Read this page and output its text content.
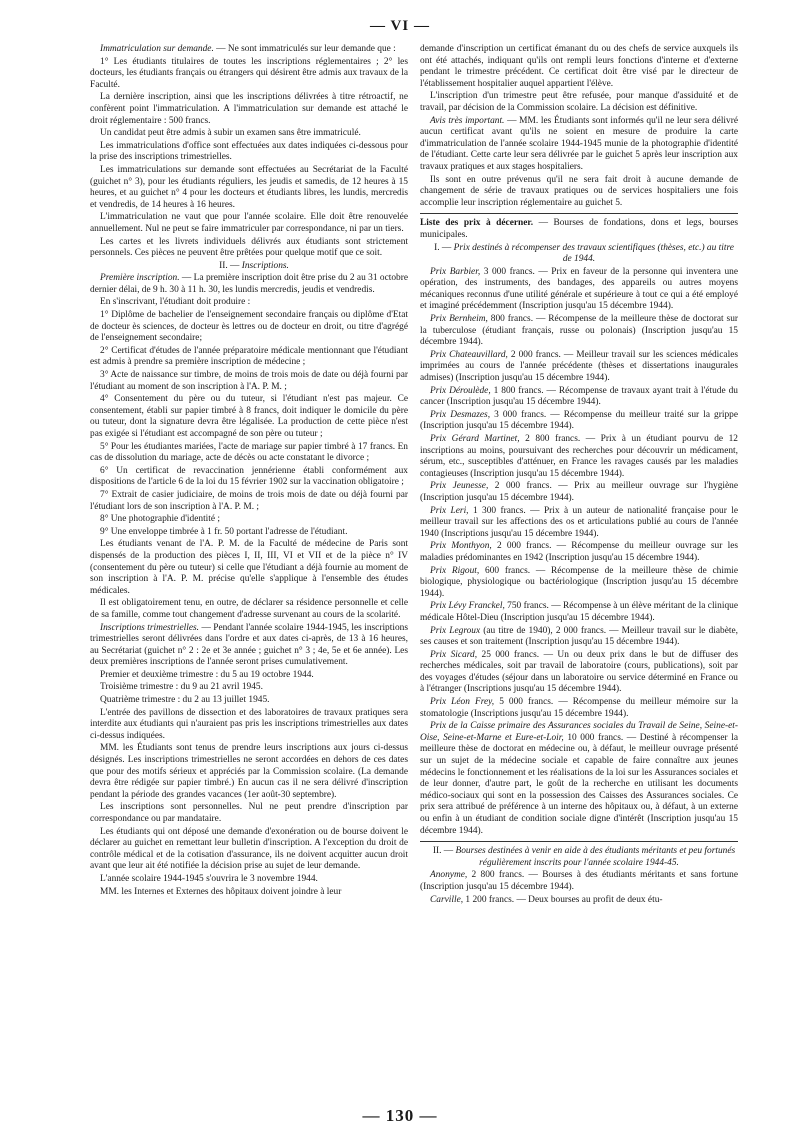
— VI —

Immatriculation sur demande. — Ne sont immatriculés sur leur demande que :

1° Les étudiants titulaires de toutes les inscriptions réglementaires ; 2° les docteurs, les étudiants français ou étrangers qui désirent être admis aux travaux de la Faculté.

La dernière inscription, ainsi que les inscriptions délivrées à titre rétroactif, ne confèrent point l'immatriculation. A l'immatriculation sur demande est attaché le droit réglementaire : 500 francs.

Un candidat peut être admis à subir un examen sans être immatriculé.

Les immatriculations d'office sont effectuées aux dates indiquées ci-dessous pour la prise des inscriptions trimestrielles.

Les immatriculations sur demande sont effectuées au Secrétariat de la Faculté (guichet n° 3), pour les étudiants réguliers, les jeudis et samedis, de 12 heures à 15 heures, et au guichet n° 4 pour les docteurs et étudiants libres, les lundis, mercredis et vendredis, de 14 heures à 16 heures.

L'immatriculation ne vaut que pour l'année scolaire. Elle doit être renouvelée annuellement. Nul ne peut se faire immatriculer par correspondance, ni par un tiers.

Les cartes et les livrets individuels délivrés aux étudiants sont strictement personnels. Ces pièces ne peuvent être prêtées pour quelque motif que ce soit.

II. — Inscriptions.

Première inscription. — La première inscription doit être prise du 2 au 31 octobre dernier délai, de 9 h. 30 à 11 h. 30, les lundis mercredis, jeudis et vendredis.

En s'inscrivant, l'étudiant doit produire :

1° Diplôme de bachelier de l'enseignement secondaire français ou diplôme d'Etat de docteur ès sciences, de docteur ès lettres ou de docteur en droit, ou titre d'agrégé de l'enseignement secondaire;

2° Certificat d'études de l'année préparatoire médicale mentionnant que l'étudiant est admis à prendre sa première inscription de médecine ;

3° Acte de naissance sur timbre, de moins de trois mois de date ou déjà fourni par l'étudiant au moment de son inscription à l'A. P. M. ;

4° Consentement du père ou du tuteur, si l'étudiant n'est pas majeur. Ce consentement, établi sur papier timbré à 8 francs, doit indiquer le domicile du père ou tuteur, dont la signature devra être légalisée. La production de cette pièce n'est pas exigée si l'étudiant est accompagné de son père ou tuteur ;

5° Pour les étudiantes mariées, l'acte de mariage sur papier timbré à 17 francs. En cas de dissolution du mariage, acte de décès ou acte constatant le divorce ;

6° Un certificat de revaccination jennérienne établi conformément aux dispositions de l'article 6 de la loi du 15 février 1902 sur la vaccination obligatoire ;

7° Extrait de casier judiciaire, de moins de trois mois de date ou déjà fourni par l'étudiant lors de son inscription à l'A. P. M. ;

8° Une photographie d'identité ;

9° Une enveloppe timbrée à 1 fr. 50 portant l'adresse de l'étudiant.

Les étudiants venant de l'A. P. M. de la Faculté de médecine de Paris sont dispensés de la production des pièces I, II, III, VI et VII et de la pièce n° IV (consentement du père ou tuteur) si celle que l'étudiant a déjà fournie au moment de son inscription à l'A. P. M. précise qu'elle s'applique à l'ensemble des études médicales.

Il est obligatoirement tenu, en outre, de déclarer sa résidence personnelle et celle de sa famille, comme tout changement d'adresse survenant au cours de la scolarité.

Inscriptions trimestrielles. — Pendant l'année scolaire 1944-1945, les inscriptions trimestrielles seront délivrées dans l'ordre et aux dates ci-après, de 13 à 16 heures, au Secrétariat (guichet n° 2 : 2e et 3e année ; guichet n° 3 ; 4e, 5e et 6e année). Les deux premières inscriptions de l'année seront prises cumulativement.

Premier et deuxième trimestre : du 5 au 19 octobre 1944.

Troisième trimestre : du 9 au 21 avril 1945.

Quatrième trimestre : du 2 au 13 juillet 1945.

L'entrée des pavillons de dissection et des laboratoires de travaux pratiques sera interdite aux étudiants qui n'auraient pas pris les inscriptions trimestrielles aux dates ci-dessus indiquées.

MM. les Étudiants sont tenus de prendre leurs inscriptions aux jours ci-dessus désignés. Les inscriptions trimestrielles ne seront accordées en dehors de ces dates que pour des motifs sérieux et appréciés par la Commission scolaire. (La demande devra être rédigée sur papier timbré.) En aucun cas il ne sera délivré d'inscription pendant la période des grandes vacances (1er août-30 septembre).

Les inscriptions sont personnelles. Nul ne peut prendre d'inscription par correspondance ou par mandataire.

Les étudiants qui ont déposé une demande d'exonération ou de bourse doivent le déclarer au guichet en remettant leur bulletin d'inscription. A l'exception du droit de contrôle médical et de la cotisation d'assurance, ils ne doivent acquitter aucun droit avant que leur ait été notifiée la décision prise au sujet de leur demande.

L'année scolaire 1944-1945 s'ouvrira le 3 novembre 1944.

MM. les Internes et Externes des hôpitaux doivent joindre à leur

demande d'inscription un certificat émanant du ou des chefs de service auxquels ils ont été attachés, indiquant qu'ils ont rempli leurs fonctions d'interne et d'externe pendant le trimestre précédent. Ce certificat doit être visé par le directeur de l'établissement hospitalier auquel appartient l'élève.

L'inscription d'un trimestre peut être refusée, pour manque d'assiduité et de travail, par décision de la Commission scolaire. La décision est définitive.

Avis très important. — MM. les Étudiants sont informés qu'il ne leur sera délivré aucun certificat avant qu'ils ne soient en mesure de produire la carte d'immatriculation de l'année scolaire 1944-1945 munie de la photographie d'identité de l'étudiant. Cette carte leur sera délivrée par le guichet 5 après leur inscription aux travaux pratiques et aux stages hospitaliers.

Ils sont en outre prévenus qu'il ne sera fait droit à aucune demande de changement de série de travaux pratiques ou de services hospitaliers une fois accomplie leur inscription réglementaire au guichet 5.

Liste des prix à décerner. — Bourses de fondations, dons et legs, bourses municipales.

I. — Prix destinés à récompenser des travaux scientifiques (thèses, etc.) au titre de 1944.

Prix Barbier, 3 000 francs. — Prix en faveur de la personne qui inventera une opération, des instruments, des bandages, des appareils ou autres moyens mécaniques reconnus d'une utilité générale et supérieure à tout ce qui a été employé et imaginé précédemment (Inscription jusqu'au 15 décembre 1944).

Prix Bernheim, 800 francs. — Récompense de la meilleure thèse de doctorat sur la tuberculose (étudiant français, russe ou polonais) (Inscription jusqu'au 15 décembre 1944).

Prix Chateauvillard, 2 000 francs. — Meilleur travail sur les sciences médicales imprimées au cours de l'année précédente (thèses et dissertations inaugurales admises) (Inscription jusqu'au 15 décembre 1944).

Prix Déroulède, 1 800 francs. — Récompense de travaux ayant trait à l'étude du cancer (Inscription jusqu'au 15 décembre 1944).

Prix Desmazes, 3 000 francs. — Récompense du meilleur traité sur la grippe (Inscription jusqu'au 15 décembre 1944).

Prix Gérard Martinet, 2 800 francs. — Prix à un étudiant pourvu de 12 inscriptions au moins, poursuivant des recherches pour découvrir un médicament, sérum, etc., susceptibles d'atténuer, en France les ravages causés par les maladies contagieuses (Inscription jusqu'au 15 décembre 1944).

Prix Jeunesse, 2 000 francs. — Prix au meilleur ouvrage sur l'hygiène (Inscription jusqu'au 15 décembre 1944).

Prix Leri, 1 300 francs. — Prix à un auteur de nationalité française pour le meilleur travail sur les affections des os et articulations publié au cours de l'année 1940 (Inscriptions jusqu'au 15 décembre 1944).

Prix Monthyon, 2 000 francs. — Récompense du meilleur ouvrage sur les maladies prédominantes en 1942 (Inscription jusqu'au 15 décembre 1944).

Prix Rigout, 600 francs. — Récompense de la meilleure thèse de chimie biologique, physiologique ou bactériologique (Inscription jusqu'au 15 décembre 1944).

Prix Lévy Franckel, 750 francs. — Récompense à un élève méritant de la clinique médicale Hôtel-Dieu (Inscription jusqu'au 15 décembre 1944).

Prix Legroux (au titre de 1940), 2 000 francs. — Meilleur travail sur le diabète, ses causes et son traitement (Inscription jusqu'au 15 décembre 1944).

Prix Sicard, 25 000 francs. — Un ou deux prix dans le but de diffuser des recherches médicales, soit par travail de laboratoire (cours, publications), soit par des voyages d'études (séjour dans un laboratoire ou service déterminé en France ou à l'étranger (Inscriptions jusqu'au 15 décembre 1944).

Prix Léon Frey, 5 000 francs. — Récompense du meilleur mémoire sur la stomatologie (Inscriptions jusqu'au 15 décembre 1944).

Prix de la Caisse primaire des Assurances sociales du Travail de Seine, Seine-et-Oise, Seine-et-Marne et Eure-et-Loir, 10 000 francs. — Destiné à récompenser la meilleure thèse de doctorat en médecine ou, à défaut, le meilleur ouvrage présenté sur un sujet de la médecine sociale et capable de faire connaître aux jeunes médecins le fonctionnement et les réalisations de la loi sur les Assurances sociales et de leur donner, d'autre part, le goût de la recherche en utilisant les documents médico-sociaux qui sont en la possession des Caisses des Assurances sociales. Ce prix sera attribué de préférence à un interne des hôpitaux ou, à défaut, à un externe ou enfin à un étudiant de condition sociale digne d'intérêt (Inscription jusqu'au 15 décembre 1944).

II. — Bourses destinées à venir en aide à des étudiants méritants et peu fortunés régulièrement inscrits pour l'année scolaire 1944-45.

Anonyme, 2 800 francs. — Bourses à des étudiants méritants et sans fortune (Inscription jusqu'au 15 décembre 1944).

Carville, 1 200 francs. — Deux bourses au profit de deux étu-

— 130 —
